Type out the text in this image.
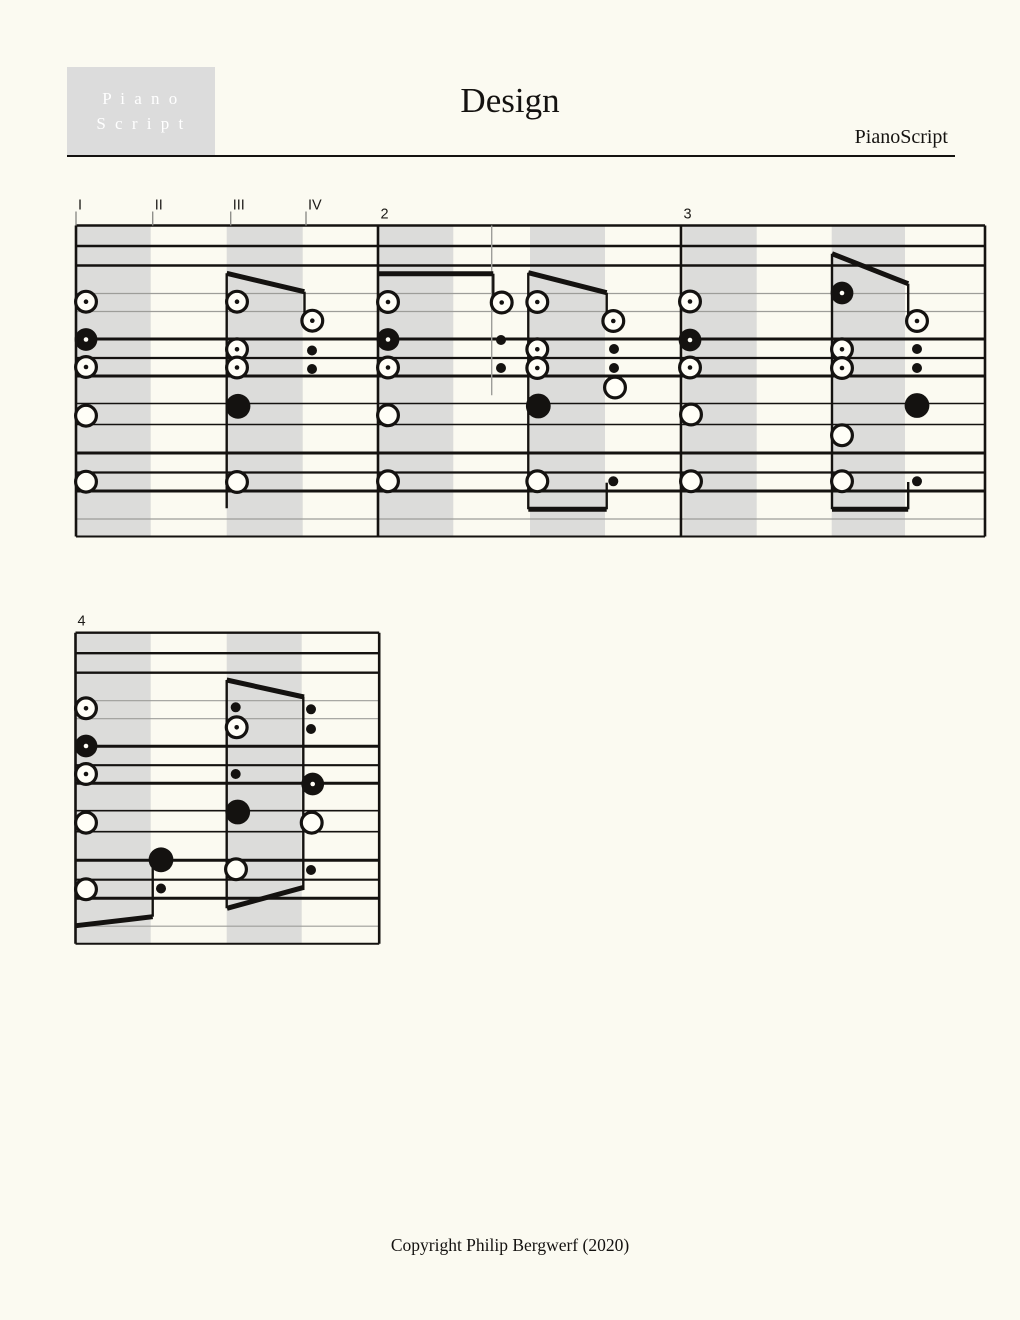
P i a n o
S c r i p t
Design
PianoScript
I	II	III	IV
2	3
4
Copyright Philip Bergwerf (2020)
